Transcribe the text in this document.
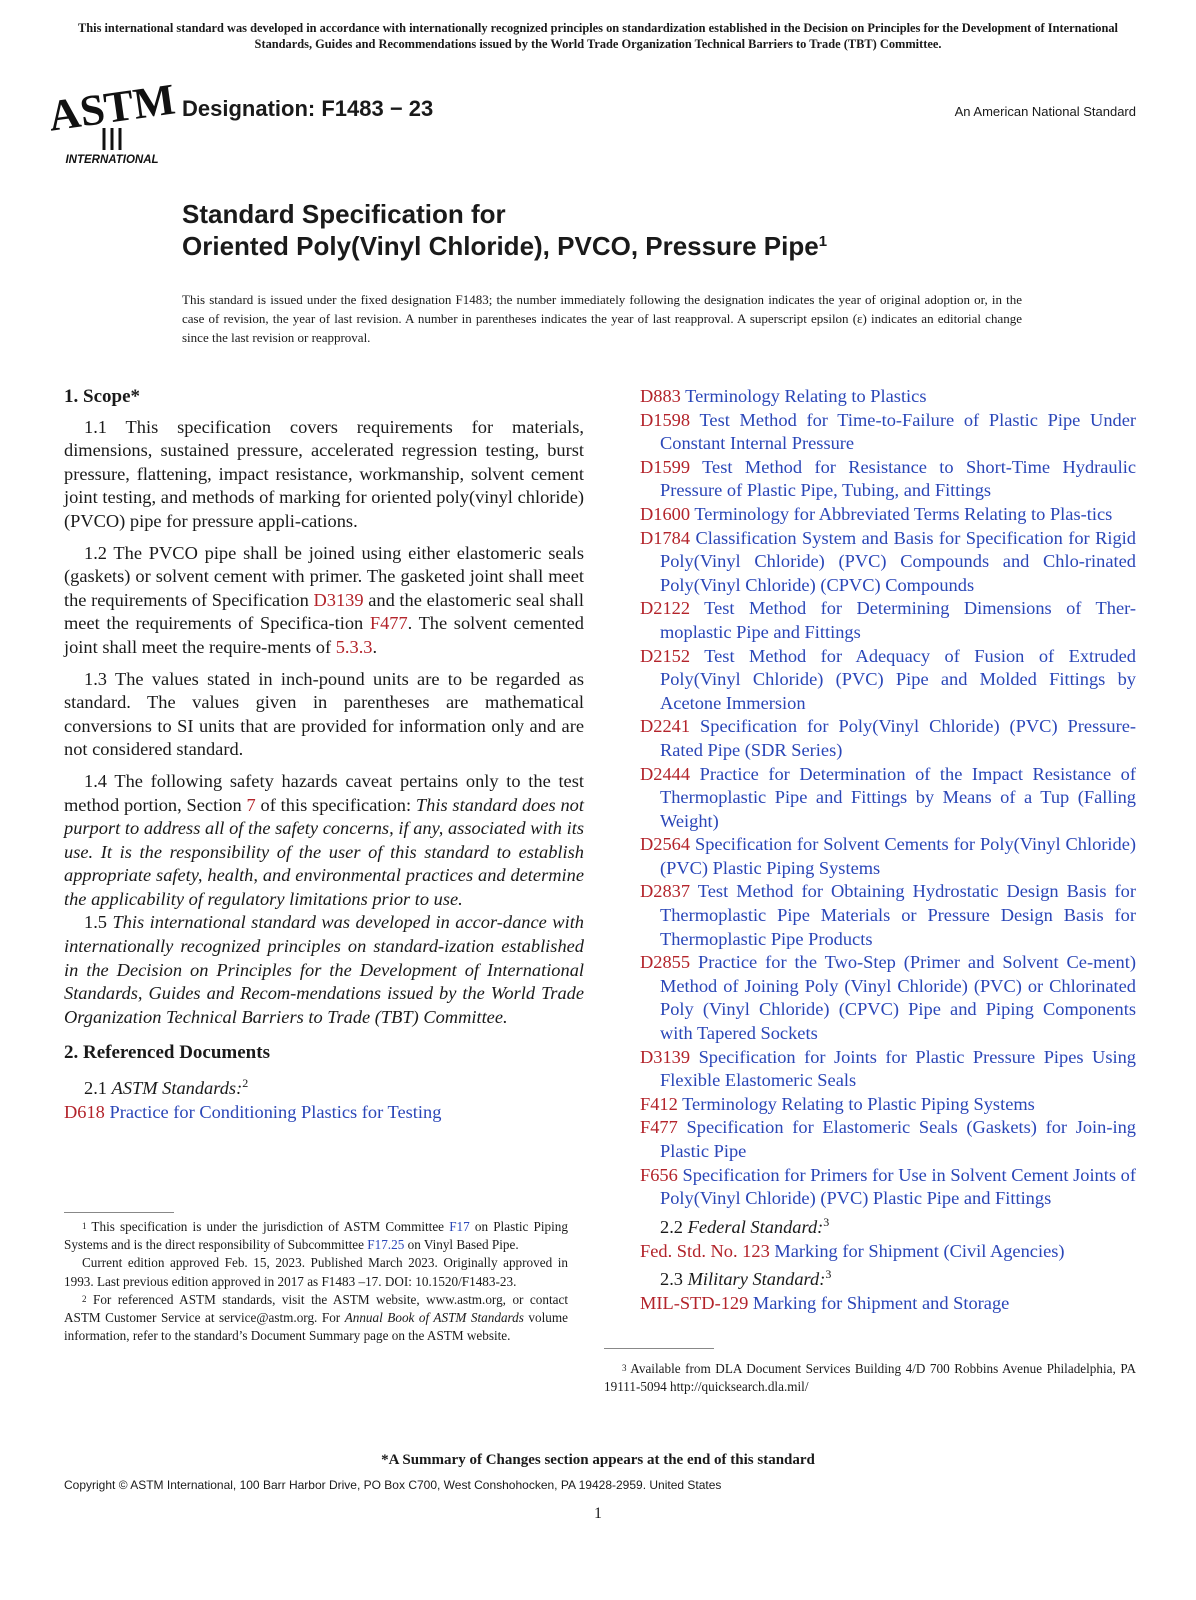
This international standard was developed in accordance with internationally recognized principles on standardization established in the Decision on Principles for the Development of International Standards, Guides and Recommendations issued by the World Trade Organization Technical Barriers to Trade (TBT) Committee.
ASTM
INTERNATIONAL
Designation: F1483 − 23	An American National Standard
Standard Specification for
Oriented Poly(Vinyl Chloride), PVCO, Pressure Pipe$^1$
This standard is issued under the fixed designation F1483; the number immediately following the designation indicates the year of original adoption or, in the case of revision, the year of last revision. A number in parentheses indicates the year of last reapproval. A superscript epsilon (ε) indicates an editorial change since the last revision or reapproval.
1. Scope*

1.1 This specification covers requirements for materials, dimensions, sustained pressure, accelerated regression testing, burst pressure, flattening, impact resistance, workmanship, solvent cement joint testing, and methods of marking for oriented poly(vinyl chloride) (PVCO) pipe for pressure appli-cations.

1.2 The PVCO pipe shall be joined using either elastomeric seals (gaskets) or solvent cement with primer. The gasketed joint shall meet the requirements of Specification D3139 and the elastomeric seal shall meet the requirements of Specifica-tion F477. The solvent cemented joint shall meet the require-ments of 5.3.3.

1.3 The values stated in inch-pound units are to be regarded as standard. The values given in parentheses are mathematical conversions to SI units that are provided for information only and are not considered standard.

1.4 The following safety hazards caveat pertains only to the test method portion, Section 7 of this specification: This standard does not purport to address all of the safety concerns, if any, associated with its use. It is the responsibility of the user of this standard to establish appropriate safety, health, and environmental practices and determine the applicability of regulatory limitations prior to use.

1.5 This international standard was developed in accor-dance with internationally recognized principles on standard-ization established in the Decision on Principles for the Development of International Standards, Guides and Recom-mendations issued by the World Trade Organization Technical Barriers to Trade (TBT) Committee.

2. Referenced Documents
2.1 ASTM Standards:$^2$
D618 Practice for Conditioning Plastics for Testing

$^1$ This specification is under the jurisdiction of ASTM Committee F17 on Plastic Piping Systems and is the direct responsibility of Subcommittee F17.25 on Vinyl Based Pipe.

Current edition approved Feb. 15, 2023. Published March 2023. Originally approved in 1993. Last previous edition approved in 2017 as F1483 –17. DOI: 10.1520/F1483-23.

$^2$ For referenced ASTM standards, visit the ASTM website, www.astm.org, or contact ASTM Customer Service at service@astm.org. For Annual Book of ASTM Standards volume information, refer to the standard’s Document Summary page on the ASTM website.

D883 Terminology Relating to Plastics
D1598 Test Method for Time-to-Failure of Plastic Pipe Under Constant Internal Pressure
D1599 Test Method for Resistance to Short-Time Hydraulic Pressure of Plastic Pipe, Tubing, and Fittings
D1600 Terminology for Abbreviated Terms Relating to Plas-tics
D1784 Classification System and Basis for Specification for Rigid Poly(Vinyl Chloride) (PVC) Compounds and Chlo-rinated Poly(Vinyl Chloride) (CPVC) Compounds
D2122 Test Method for Determining Dimensions of Ther-moplastic Pipe and Fittings
D2152 Test Method for Adequacy of Fusion of Extruded Poly(Vinyl Chloride) (PVC) Pipe and Molded Fittings by Acetone Immersion
D2241 Specification for Poly(Vinyl Chloride) (PVC) Pressure-Rated Pipe (SDR Series)
D2444 Practice for Determination of the Impact Resistance of Thermoplastic Pipe and Fittings by Means of a Tup (Falling Weight)
D2564 Specification for Solvent Cements for Poly(Vinyl Chloride) (PVC) Plastic Piping Systems
D2837 Test Method for Obtaining Hydrostatic Design Basis for Thermoplastic Pipe Materials or Pressure Design Basis for Thermoplastic Pipe Products
D2855 Practice for the Two-Step (Primer and Solvent Ce-ment) Method of Joining Poly (Vinyl Chloride) (PVC) or Chlorinated Poly (Vinyl Chloride) (CPVC) Pipe and Piping Components with Tapered Sockets
D3139 Specification for Joints for Plastic Pressure Pipes Using Flexible Elastomeric Seals
F412 Terminology Relating to Plastic Piping Systems
F477 Specification for Elastomeric Seals (Gaskets) for Join-ing Plastic Pipe
F656 Specification for Primers for Use in Solvent Cement Joints of Poly(Vinyl Chloride) (PVC) Plastic Pipe and Fittings
2.2 Federal Standard:$^3$
Fed. Std. No. 123 Marking for Shipment (Civil Agencies)
2.3 Military Standard:$^3$
MIL-STD-129 Marking for Shipment and Storage

$^3$ Available from DLA Document Services Building 4/D 700 Robbins Avenue Philadelphia, PA 19111-5094 http://quicksearch.dla.mil/

*A Summary of Changes section appears at the end of this standard
Copyright © ASTM International, 100 Barr Harbor Drive, PO Box C700, West Conshohocken, PA 19428-2959. United States
1
